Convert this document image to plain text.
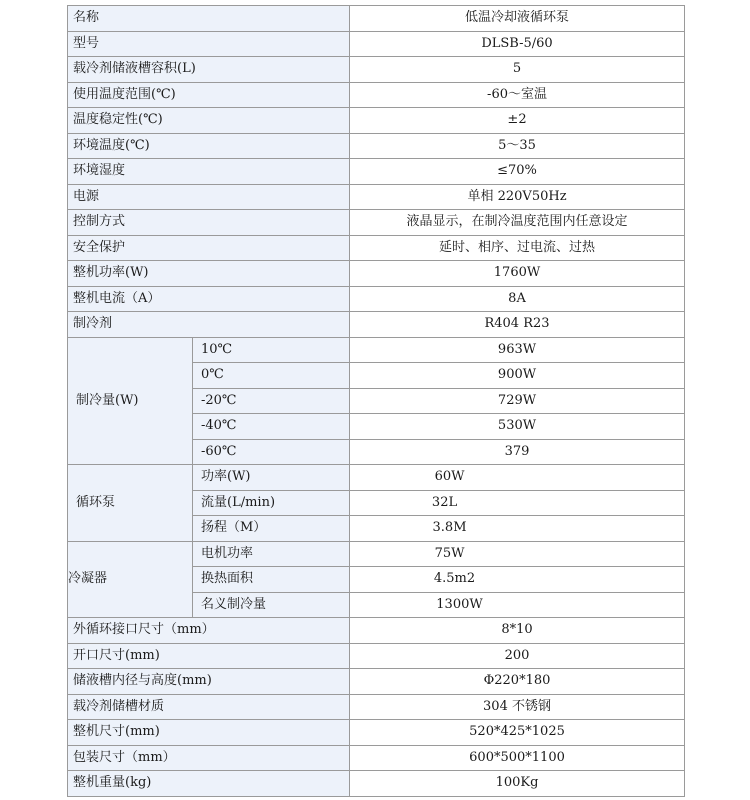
名称		低温冷却液循环泵
型号		DLSB-5/60
载冷剂储液槽容积(L)		5
使用温度范围(℃)		-60～室温
温度稳定性(℃)		±2
环境温度(℃)		5～35
环境湿度		≤70%
电源		单相 220V50Hz
控制方式		液晶显示，在制冷温度范围内任意设定
安全保护		延时、相序、过电流、过热
整机功率(W)		1760W
整机电流（A）		8A
制冷剂		R404 R23
制冷量(W)	10℃	963W
	0℃	900W
	-20℃	729W
	-40℃	530W
	-60℃	379
循环泵	功率(W)	60W
	流量(L/min)	32L
	扬程（M）	3.8M
冷凝器	电机功率	75W
	换热面积	4.5m2
	名义制冷量	1300W
外循环接口尺寸（mm）		8*10
开口尺寸(mm)		200
储液槽内径与高度(mm)		Φ220*180
载冷剂储槽材质		304 不锈钢
整机尺寸(mm)		520*425*1025
包装尺寸（mm）		600*500*1100
整机重量(kg)		100Kg
